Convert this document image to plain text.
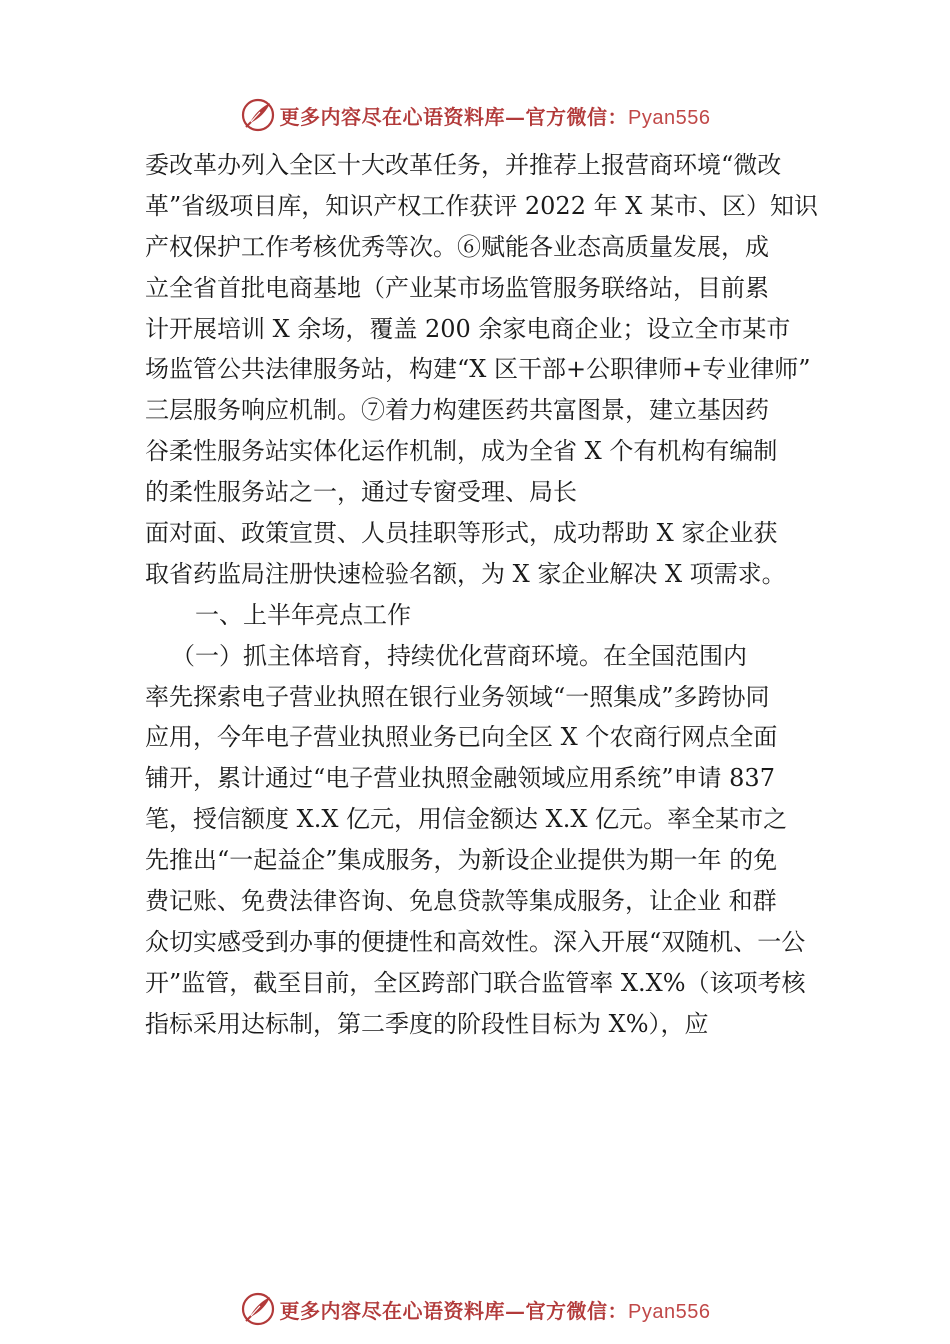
更多内容尽在心语资料库—官方微信：Pyan556
委改革办列入全区十大改革任务，并推荐上报营商环境“微改
革”省级项目库，知识产权工作获评 2022 年 X 某市、区）知识
产权保护工作考核优秀等次。⑥赋能各业态高质量发展，成
立全省首批电商基地（产业某市场监管服务联络站，目前累
计开展培训 X 余场，覆盖 200 余家电商企业；设立全市某市
场监管公共法律服务站，构建“X 区干部+公职律师+专业律师”
三层服务响应机制。⑦着力构建医药共富图景，建立基因药
谷柔性服务站实体化运作机制，成为全省 X 个有机构有编制
的柔性服务站之一，通过专窗受理、局长
面对面、政策宣贯、人员挂职等形式，成功帮助 X 家企业获
取省药监局注册快速检验名额，为 X 家企业解决 X 项需求。
一、上半年亮点工作
（一）抓主体培育，持续优化营商环境。在全国范围内
率先探索电子营业执照在银行业务领域“一照集成”多跨协同
应用，今年电子营业执照业务已向全区 X 个农商行网点全面
铺开，累计通过“电子营业执照金融领域应用系统”申请 837
笔，授信额度 X.X 亿元，用信金额达 X.X 亿元。率全某市之
先推出“一起益企”集成服务，为新设企业提供为期一年 的免
费记账、免费法律咨询、免息贷款等集成服务，让企业 和群
众切实感受到办事的便捷性和高效性。深入开展“双随机、一公
开”监管，截至目前，全区跨部门联合监管率 X.X%（该项考核
指标采用达标制，第二季度的阶段性目标为 X%），应
更多内容尽在心语资料库—官方微信：Pyan556
